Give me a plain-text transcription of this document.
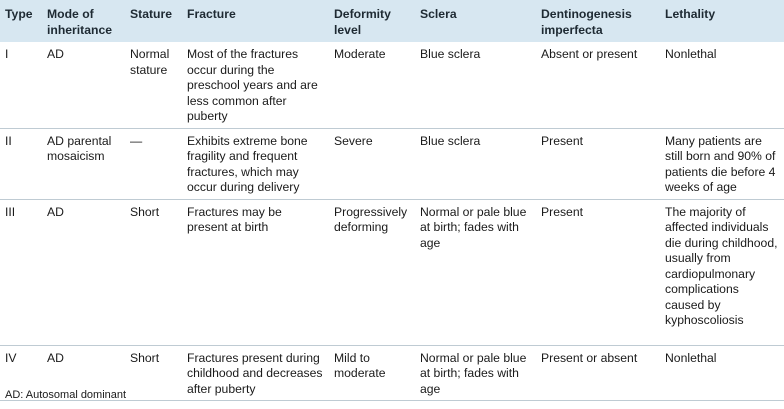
Type	Mode of inheritance	Stature	Fracture	Deformity level	Sclera	Dentinogenesis imperfecta	Lethality
I	AD	Normal stature	Most of the fractures occur during the preschool years and are less common after puberty	Moderate	Blue sclera	Absent or present	Nonlethal
II	AD parental mosaicism	—	Exhibits extreme bone fragility and frequent fractures, which may occur during delivery	Severe	Blue sclera	Present	Many patients are still born and 90% of patients die before 4 weeks of age
III	AD	Short	Fractures may be present at birth	Progressively deforming	Normal or pale blue at birth; fades with age	Present	The majority of affected individuals die during childhood, usually from cardiopulmonary complications caused by kyphoscoliosis
IV	AD	Short	Fractures present during childhood and decreases after puberty	Mild to moderate	Normal or pale blue at birth; fades with age	Present or absent	Nonlethal
AD: Autosomal dominant
